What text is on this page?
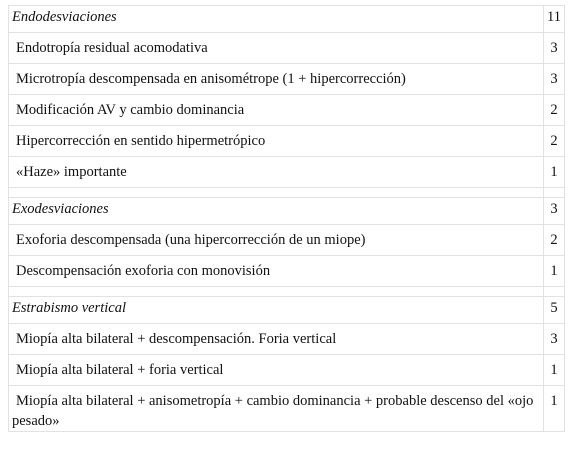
Endodesviaciones	11
Endotropía residual acomodativa	3
Microtropía descompensada en anisométrope (1 + hipercorrección)	3
Modificación AV y cambio dominancia	2
Hipercorrección en sentido hipermetrópico	2
«Haze» importante	1

Exodesviaciones	3
Exoforia descompensada (una hipercorrección de un miope)	2
Descompensación exoforia con monovisión	1

Estrabismo vertical	5
Miopía alta bilateral + descompensación. Foria vertical	3
Miopía alta bilateral + foria vertical	1
Miopía alta bilateral + anisometropía + cambio dominancia + probable descenso del «ojo pesado»	1
